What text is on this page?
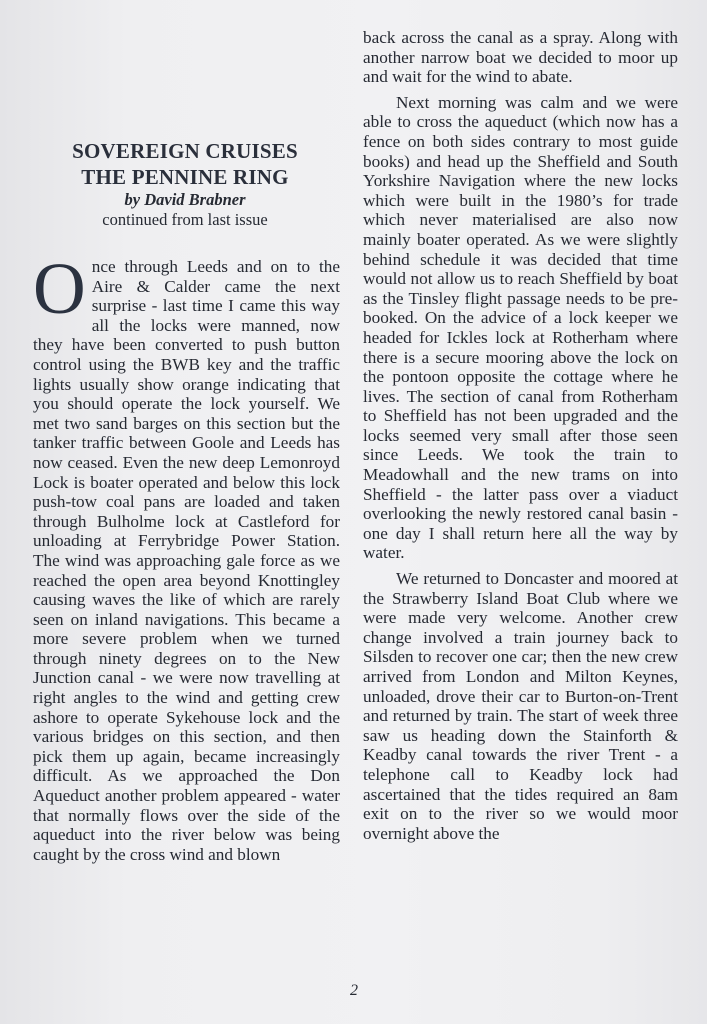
SOVEREIGN CRUISES

THE PENNINE RING

by David Brabner

continued from last issue

O nce through Leeds and on to the Aire & Calder came the next surprise - last time I came this way all the locks were manned, now they have been converted to push button control using the BWB key and the traffic lights usually show orange indicating that you should operate the lock yourself. We met two sand barges on this section but the tanker traffic between Goole and Leeds has now ceased. Even the new deep Lemonroyd Lock is boater operated and below this lock push-tow coal pans are loaded and taken through Bulholme lock at Castleford for unloading at Ferrybridge Power Station. The wind was approaching gale force as we reached the open area beyond Knottingley causing waves the like of which are rarely seen on inland navigations. This became a more severe problem when we turned through ninety degrees on to the New Junction canal - we were now travelling at right angles to the wind and getting crew ashore to operate Sykehouse lock and the various bridges on this section, and then pick them up again, became increasingly difficult. As we approached the Don Aqueduct another problem appeared - water that normally flows over the side of the aqueduct into the river below was being caught by the cross wind and blown

back across the canal as a spray. Along with another narrow boat we decided to moor up and wait for the wind to abate.

Next morning was calm and we were able to cross the aqueduct (which now has a fence on both sides contrary to most guide books) and head up the Sheffield and South Yorkshire Navigation where the new locks which were built in the 1980’s for trade which never materialised are also now mainly boater operated. As we were slightly behind schedule it was decided that time would not allow us to reach Sheffield by boat as the Tinsley flight passage needs to be pre-booked. On the advice of a lock keeper we headed for Ickles lock at Rotherham where there is a secure mooring above the lock on the pontoon opposite the cottage where he lives. The section of canal from Rotherham to Sheffield has not been upgraded and the locks seemed very small after those seen since Leeds. We took the train to Meadowhall and the new trams on into Sheffield - the latter pass over a viaduct overlooking the newly restored canal basin - one day I shall return here all the way by water.

We returned to Doncaster and moored at the Strawberry Island Boat Club where we were made very welcome. Another crew change involved a train journey back to Silsden to recover one car; then the new crew arrived from London and Milton Keynes, unloaded, drove their car to Burton-on-Trent and returned by train. The start of week three saw us heading down the Stainforth & Keadby canal towards the river Trent - a telephone call to Keadby lock had ascertained that the tides required an 8am exit on to the river so we would moor overnight above the

2
